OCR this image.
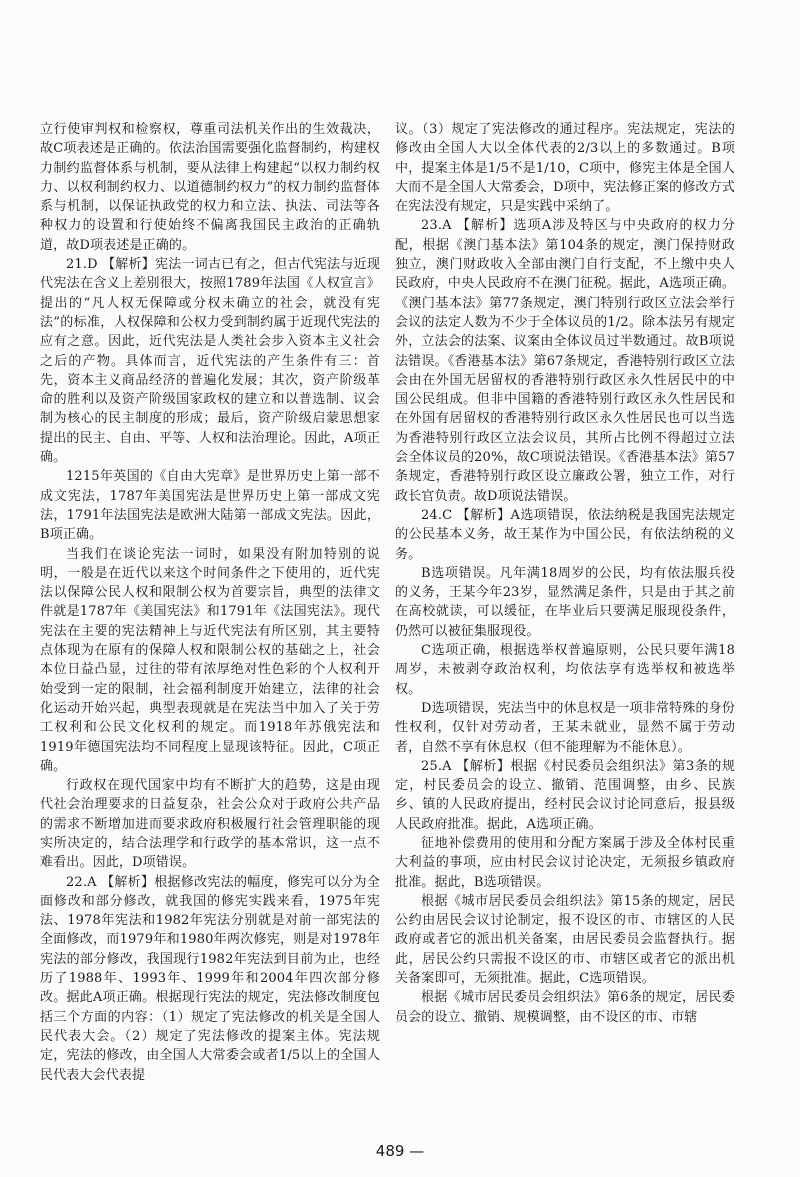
立行使审判权和检察权，尊重司法机关作出的生效裁决，故C项表述是正确的。依法治国需要强化监督制约，构建权力制约监督体系与机制，要从法律上构建起“以权力制约权力、以权利制约权力、以道德制约权力”的权力制约监督体系与机制，以保证执政党的权力和立法、执法、司法等各种权力的设置和行使始终不偏离我国民主政治的正确轨道，故D项表述是正确的。

21.D 【解析】宪法一词古已有之，但古代宪法与近现代宪法在含义上差别很大，按照1789年法国《人权宣言》提出的“凡人权无保障或分权未确立的社会，就没有宪法”的标准，人权保障和公权力受到制约属于近现代宪法的应有之意。因此，近代宪法是人类社会步入资本主义社会之后的产物。具体而言，近代宪法的产生条件有三：首先，资本主义商品经济的普遍化发展；其次，资产阶级革命的胜利以及资产阶级国家政权的建立和以普选制、议会制为核心的民主制度的形成；最后，资产阶级启蒙思想家提出的民主、自由、平等、人权和法治理论。因此，A项正确。

1215年英国的《自由大宪章》是世界历史上第一部不成文宪法，1787年美国宪法是世界历史上第一部成文宪法，1791年法国宪法是欧洲大陆第一部成文宪法。因此，B项正确。

当我们在谈论宪法一词时，如果没有附加特别的说明，一般是在近代以来这个时间条件之下使用的，近代宪法以保障公民人权和限制公权为首要宗旨，典型的法律文件就是1787年《美国宪法》和1791年《法国宪法》。现代宪法在主要的宪法精神上与近代宪法有所区别，其主要特点体现为在原有的保障人权和限制公权的基础之上，社会本位日益凸显，过往的带有浓厚绝对性色彩的个人权利开始受到一定的限制，社会福利制度开始建立，法律的社会化运动开始兴起，典型表现就是在宪法当中加入了关于劳工权利和公民文化权利的规定。而1918年苏俄宪法和1919年德国宪法均不同程度上显现该特征。因此，C项正确。

行政权在现代国家中均有不断扩大的趋势，这是由现代社会治理要求的日益复杂，社会公众对于政府公共产品的需求不断增加进而要求政府积极履行社会管理职能的现实所决定的，结合法理学和行政学的基本常识，这一点不难看出。因此，D项错误。

22.A 【解析】根据修改宪法的幅度，修宪可以分为全面修改和部分修改，就我国的修宪实践来看，1975年宪法、1978年宪法和1982年宪法分别就是对前一部宪法的全面修改，而1979年和1980年两次修宪，则是对1978年宪法的部分修改，我国现行1982年宪法到目前为止，也经历了1988年、1993年、1999年和2004年四次部分修改。据此A项正确。根据现行宪法的规定，宪法修改制度包括三个方面的内容：（1）规定了宪法修改的机关是全国人民代表大会。（2）规定了宪法修改的提案主体。宪法规定，宪法的修改，由全国人大常委会或者1/5以上的全国人民代表大会代表提

议。（3）规定了宪法修改的通过程序。宪法规定，宪法的修改由全国人大以全体代表的2/3以上的多数通过。B项中，提案主体是1/5不是1/10，C项中，修宪主体是全国人大而不是全国人大常委会，D项中，宪法修正案的修改方式在宪法没有规定，只是实践中采纳了。

23.A 【解析】选项A涉及特区与中央政府的权力分配，根据《澳门基本法》第104条的规定，澳门保持财政独立，澳门财政收入全部由澳门自行支配，不上缴中央人民政府，中央人民政府不在澳门征税。据此，A选项正确。《澳门基本法》第77条规定，澳门特别行政区立法会举行会议的法定人数为不少于全体议员的1/2。除本法另有规定外，立法会的法案、议案由全体议员过半数通过。故B项说法错误。《香港基本法》第67条规定，香港特别行政区立法会由在外国无居留权的香港特别行政区永久性居民中的中国公民组成。但非中国籍的香港特别行政区永久性居民和在外国有居留权的香港特别行政区永久性居民也可以当选为香港特别行政区立法会议员，其所占比例不得超过立法会全体议员的20%，故C项说法错误。《香港基本法》第57条规定，香港特别行政区设立廉政公署，独立工作，对行政长官负责。故D项说法错误。

24.C 【解析】A选项错误，依法纳税是我国宪法规定的公民基本义务，故王某作为中国公民，有依法纳税的义务。

B选项错误。凡年满18周岁的公民，均有依法服兵役的义务，王某今年23岁，显然满足条件，只是由于其之前在高校就读，可以缓征，在毕业后只要满足服现役条件，仍然可以被征集服现役。

C选项正确，根据选举权普遍原则，公民只要年满18周岁，未被剥夺政治权利，均依法享有选举权和被选举权。

D选项错误，宪法当中的休息权是一项非常特殊的身份性权利，仅针对劳动者，王某未就业，显然不属于劳动者，自然不享有休息权（但不能理解为不能休息）。

25.A 【解析】根据《村民委员会组织法》第3条的规定，村民委员会的设立、撤销、范围调整，由乡、民族乡、镇的人民政府提出，经村民会议讨论同意后，报县级人民政府批准。据此，A选项正确。

征地补偿费用的使用和分配方案属于涉及全体村民重大利益的事项，应由村民会议讨论决定，无须报乡镇政府批准。据此，B选项错误。

根据《城市居民委员会组织法》第15条的规定，居民公约由居民会议讨论制定，报不设区的市、市辖区的人民政府或者它的派出机关备案，由居民委员会监督执行。据此，居民公约只需报不设区的市、市辖区或者它的派出机关备案即可，无须批准。据此，C选项错误。

根据《城市居民委员会组织法》第6条的规定，居民委员会的设立、撤销、规模调整，由不设区的市、市辖

489 —
